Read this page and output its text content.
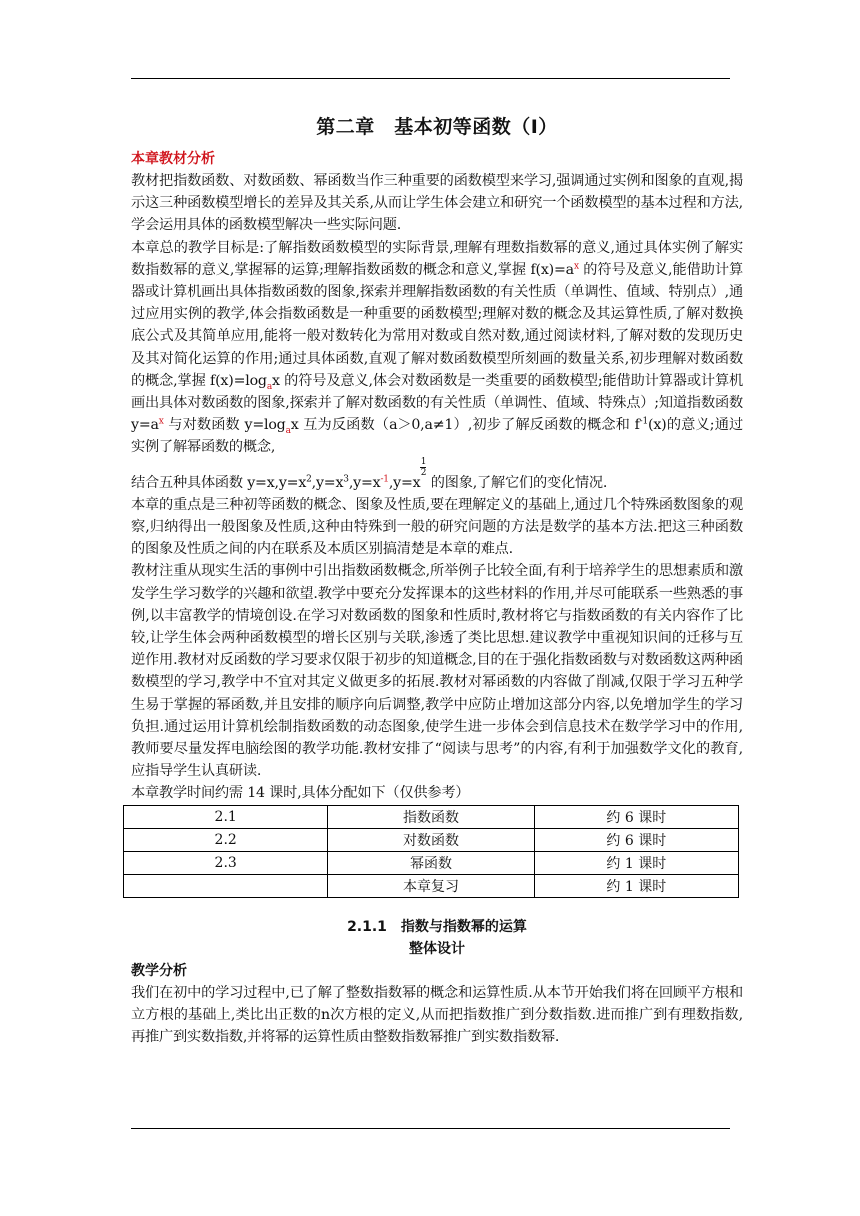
第二章　基本初等函数（Ⅰ）
本章教材分析

教材把指数函数、对数函数、幂函数当作三种重要的函数模型来学习,强调通过实例和图象的直观,揭示这三种函数模型增长的差异及其关系,从而让学生体会建立和研究一个函数模型的基本过程和方法,学会运用具体的函数模型解决一些实际问题.

本章总的教学目标是:了解指数函数模型的实际背景,理解有理数指数幂的意义,通过具体实例了解实数指数幂的意义,掌握幂的运算;理解指数函数的概念和意义,掌握 $f(x)=a^x$ 的符号及意义,能借助计算器或计算机画出具体指数函数的图象,探索并理解指数函数的有关性质（单调性、值域、特别点）,通过应用实例的教学,体会指数函数是一种重要的函数模型;理解对数的概念及其运算性质,了解对数换底公式及其简单应用,能将一般对数转化为常用对数或自然对数,通过阅读材料,了解对数的发现历史及其对简化运算的作用;通过具体函数,直观了解对数函数模型所刻画的数量关系,初步理解对数函数的概念,掌握 $f(x)=\log_ax$ 的符号及意义,体会对数函数是一类重要的函数模型;能借助计算器或计算机画出具体对数函数的图象,探索并了解对数函数的有关性质（单调性、值域、特殊点）;知道指数函数 $y=a^x$ 与对数函数 $y=\log_ax$ 互为反函数（a＞0,a≠1）,初步了解反函数的概念和 $f^{-1}(x)$的意义;通过实例了解幂函数的概念,

结合五种具体函数 $y=x,y=x^2,y=x^3,y=x^{-1},y=x\frac{1}{2}$ 的图象,了解它们的变化情况.

本章的重点是三种初等函数的概念、图象及性质,要在理解定义的基础上,通过几个特殊函数图象的观察,归纳得出一般图象及性质,这种由特殊到一般的研究问题的方法是数学的基本方法.把这三种函数的图象及性质之间的内在联系及本质区别搞清楚是本章的难点.

教材注重从现实生活的事例中引出指数函数概念,所举例子比较全面,有利于培养学生的思想素质和激发学生学习数学的兴趣和欲望.教学中要充分发挥课本的这些材料的作用,并尽可能联系一些熟悉的事例,以丰富教学的情境创设.在学习对数函数的图象和性质时,教材将它与指数函数的有关内容作了比较,让学生体会两种函数模型的增长区别与关联,渗透了类比思想.建议教学中重视知识间的迁移与互逆作用.教材对反函数的学习要求仅限于初步的知道概念,目的在于强化指数函数与对数函数这两种函数模型的学习,教学中不宜对其定义做更多的拓展.教材对幂函数的内容做了削减,仅限于学习五种学生易于掌握的幂函数,并且安排的顺序向后调整,教学中应防止增加这部分内容,以免增加学生的学习负担.通过运用计算机绘制指数函数的动态图象,使学生进一步体会到信息技术在数学学习中的作用,教师要尽量发挥电脑绘图的教学功能.教材安排了“阅读与思考”的内容,有利于加强数学文化的教育,应指导学生认真研读.

本章教学时间约需 14 课时,具体分配如下（仅供参考）

2.1	指数函数	约 6 课时
2.2	对数函数	约 6 课时
2.3	幂函数	约 1 课时
	本章复习	约 1 课时
2.1.1　指数与指数幂的运算
整体设计
教学分析

我们在初中的学习过程中,已了解了整数指数幂的概念和运算性质.从本节开始我们将在回顾平方根和立方根的基础上,类比出正数的n次方根的定义,从而把指数推广到分数指数.进而推广到有理数指数,再推广到实数指数,并将幂的运算性质由整数指数幂推广到实数指数幂.
